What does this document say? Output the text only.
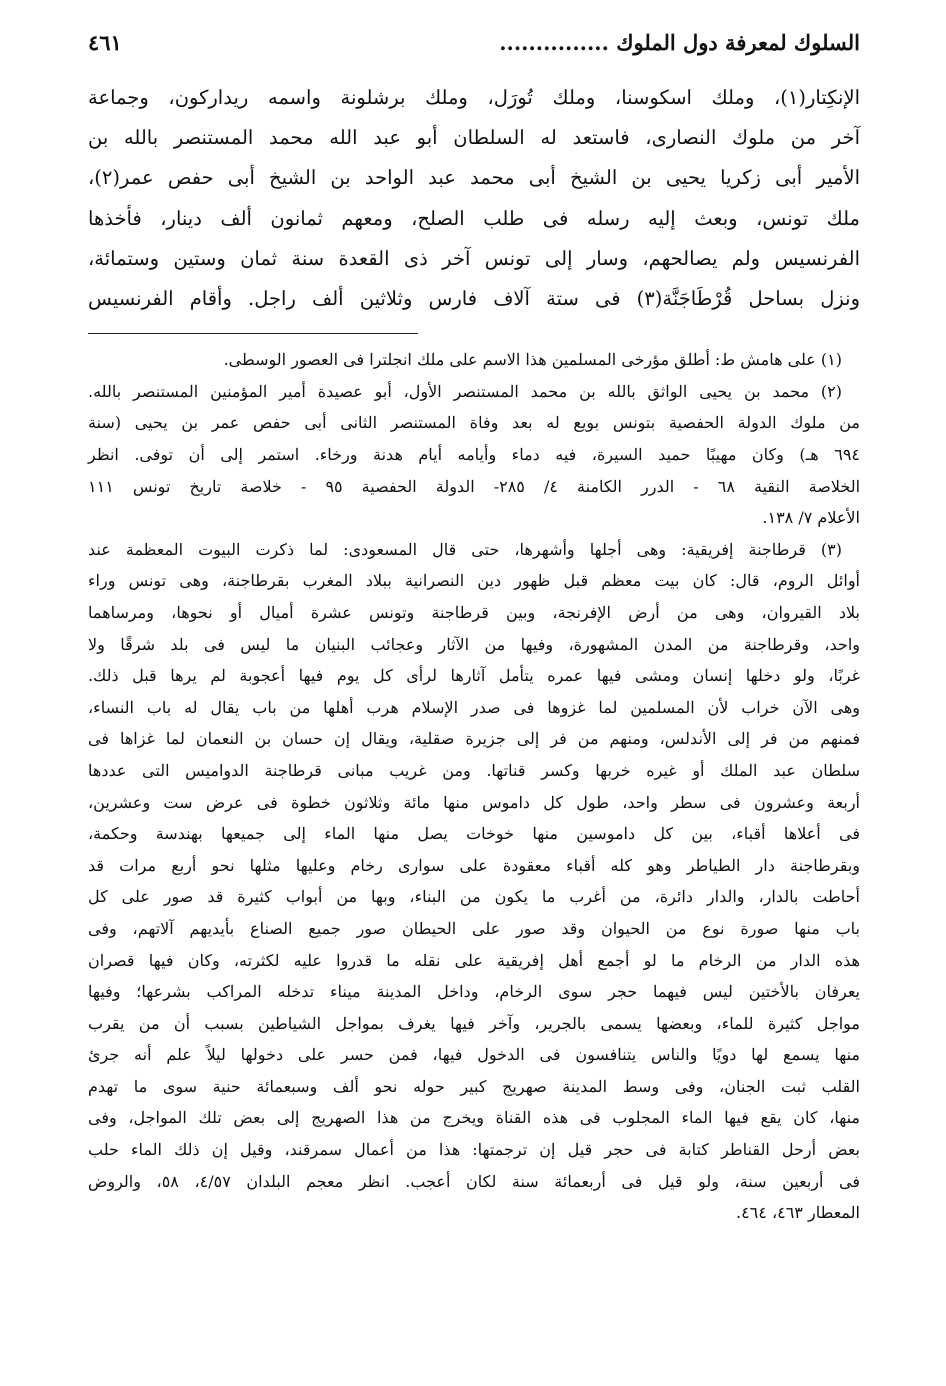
السلوك لمعرفة دول الملوك ...............
٤٦١

الإنكِتار(١)، وملك اسكوسنا، وملك تُورَل، وملك برشلونة واسمه ريداركون، وجماعة

آخر من ملوك النصارى، فاستعد له السلطان أبو عبد الله محمد المستنصر بالله بن

الأمير أبى زكريا يحيى بن الشيخ أبى محمد عبد الواحد بن الشيخ أبى حفص عمر(٢)،

ملك تونس، وبعث إليه رسله فى طلب الصلح، ومعهم ثمانون ألف دينار، فأخذها

الفرنسيس ولم يصالحهم، وسار إلى تونس آخر ذى القعدة سنة ثمان وستين وستمائة،

ونزل بساحل قُرْطَاجَنَّة(٣) فى ستة آلاف فارس وثلاثين ألف راجل. وأقام الفرنسيس

(١) على هامش ط: أطلق مؤرخى المسلمين هذا الاسم على ملك انجلترا فى العصور الوسطى.

(٢) محمد بن يحيى الواثق بالله بن محمد المستنصر الأول، أبو عصيدة أمير المؤمنين المستنصر بالله.

من ملوك الدولة الحفصية بتونس بويع له بعد وفاة المستنصر الثانى أبى حفص عمر بن يحيى (سنة

٦٩٤ هـ) وكان مهيبًا حميد السيرة، فيه دماء وأيامه أيام هدنة ورخاء. استمر إلى أن توفى. انظر

الخلاصة النقية ٦٨ - الدرر الكامنة ٤/ ٢٨٥- الدولة الحفصية ٩٥ - خلاصة تاريخ تونس ١١١

الأعلام ٧/ ١٣٨.

(٣) قرطاجنة إفريقية: وهى أجلها وأشهرها، حتى قال المسعودى: لما ذكرت البيوت المعظمة عند

أوائل الروم، قال: كان بيت معظم قبل ظهور دين النصرانية ببلاد المغرب بقرطاجنة، وهى تونس وراء

بلاد القيروان، وهى من أرض الإفرنجة، وبين قرطاجنة وتونس عشرة أميال أو نحوها، ومرساهما

واحد، وقرطاجنة من المدن المشهورة، وفيها من الآثار وعجائب البنيان ما ليس فى بلد شرقًا ولا

غربًا، ولو دخلها إنسان ومشى فيها عمره يتأمل آثارها لرأى كل يوم فيها أعجوبة لم يرها قبل ذلك.

وهى الآن خراب لأن المسلمين لما غزوها فى صدر الإسلام هرب أهلها من باب يقال له باب النساء،

فمنهم من فر إلى الأندلس، ومنهم من فر إلى جزيرة صقلية، ويقال إن حسان بن النعمان لما غزاها فى

سلطان عبد الملك أو غيره خربها وكسر قناتها. ومن غريب مبانى قرطاجنة الدواميس التى عددها

أربعة وعشرون فى سطر واحد، طول كل داموس منها مائة وثلاثون خطوة فى عرض ست وعشرين،

فى أعلاها أقباء، بين كل داموسين منها خوخات يصل منها الماء إلى جميعها بهندسة وحكمة،

وبقرطاجنة دار الطياطر وهو كله أقباء معقودة على سوارى رخام وعليها مثلها نحو أربع مرات قد

أحاطت بالدار، والدار دائرة، من أغرب ما يكون من البناء، وبها من أبواب كثيرة قد صور على كل

باب منها صورة نوع من الحيوان وقد صور على الحيطان صور جميع الصناع بأيديهم آلاتهم، وفى

هذه الدار من الرخام ما لو أجمع أهل إفريقية على نقله ما قدروا عليه لكثرته، وكان فيها قصران

يعرفان بالأختين ليس فيهما حجر سوى الرخام، وداخل المدينة ميناء تدخله المراكب بشرعها؛ وفيها

مواجل كثيرة للماء، وبعضها يسمى بالجرير، وآخر فيها يغرف بمواجل الشياطين بسبب أن من يقرب

منها يسمع لها دويًا والناس يتنافسون فى الدخول فيها، فمن حسر على دخولها ليلاً علم أنه جرئ

القلب ثبت الجنان، وفى وسط المدينة صهريج كبير حوله نحو ألف وسبعمائة حنية سوى ما تهدم

منها، كان يقع فيها الماء المجلوب فى هذه القناة ويخرج من هذا الصهريج إلى بعض تلك المواجل، وفى

بعض أرحل القناطر كتابة فى حجر قيل إن ترجمتها: هذا من أعمال سمرقند، وقيل إن ذلك الماء حلب

فى أربعين سنة، ولو قيل فى أربعمائة سنة لكان أعجب. انظر معجم البلدان ٤/٥٧، ٥٨، والروض

المعطار ٤٦٣، ٤٦٤.
